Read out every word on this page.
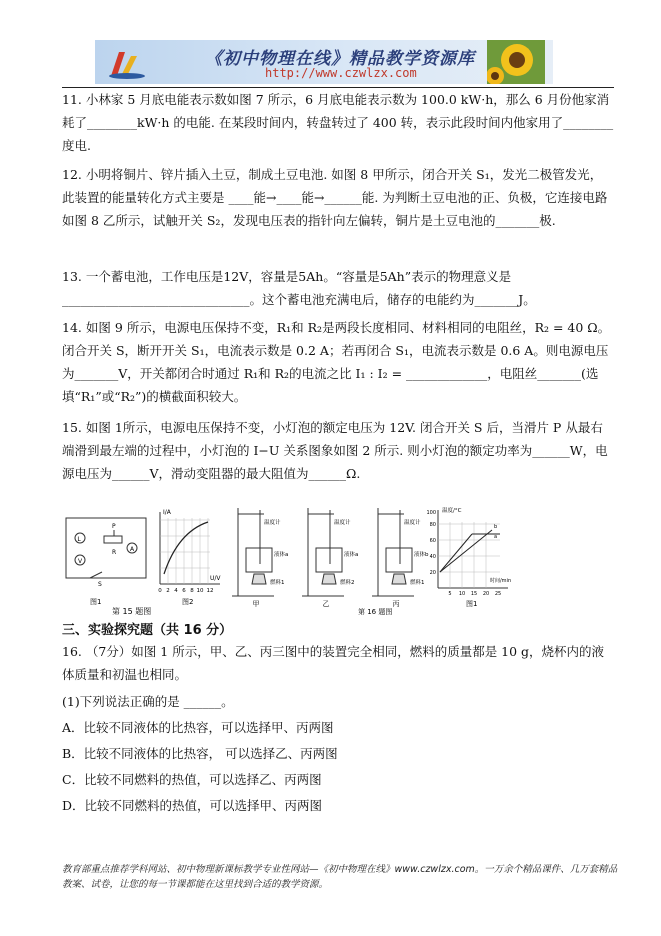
《初中物理在线》精品教学资源库
http://www.czwlzx.com
11. 小林家 5 月底电能表示数如图 7 所示，6 月底电能表示数为 100.0 kW·h，那么 6 月份他家消耗了________kW·h 的电能. 在某段时间内，转盘转过了 400 转，表示此段时间内他家用了________度电.
12. 小明将铜片、锌片插入土豆，制成土豆电池. 如图 8 甲所示，闭合开关 S₁，发光二极管发光，此装置的能量转化方式主要是 ____能→____能→______能. 为判断土豆电池的正、负极，它连接电路如图 8 乙所示，试触开关 S₂，发现电压表的指针向左偏转，铜片是土豆电池的_______极.
13. 一个蓄电池，工作电压是12V，容量是5Ah。“容量是5Ah”表示的物理意义是______________________________。这个蓄电池充满电后，储存的电能约为_______J。
14. 如图 9 所示，电源电压保持不变，R₁和 R₂是两段长度相同、材料相同的电阻丝，R₂ = 40 Ω。闭合开关 S，断开开关 S₁，电流表示数是 0.2 A；若再闭合 S₁，电流表示数是 0.6 A。则电源电压为_______V，开关都闭合时通过 R₁和 R₂的电流之比 I₁ : I₂ = _____________，电阻丝_______(选填“R₁”或“R₂”)的横截面积较大。
15. 如图 1所示，电源电压保持不变，小灯泡的额定电压为 12V. 闭合开关 S 后，当滑片 P 从最右端滑到最左端的过程中，小灯泡的 I−U 关系图象如图 2 所示. 则小灯泡的额定功率为______W，电源电压为______V，滑动变阻器的最大阻值为______Ω.
L
V
A
P
R
S
图1
I/A
U/V
0 2 4 6 8 10 12
图2
第 15 题图
温度计
液体a
燃料1
温度计
液体a
燃料2
温度计
液体b
燃料1
甲	乙	丙
b
a
温度/°C
时间/min
20
40
60
80
100
5 10 15 20 25
图1
第 16 题图
三、实验探究题（共 16 分）
16. （7分）如图 1 所示，甲、乙、丙三图中的装置完全相同，燃料的质量都是 10 g，烧杯内的液体质量和初温也相同。
(1)下列说法正确的是 ______。
A．比较不同液体的比热容，可以选择甲、丙两图
B．比较不同液体的比热容， 可以选择乙、丙两图
C．比较不同燃料的热值，可以选择乙、丙两图
D．比较不同燃料的热值，可以选择甲、丙两图
教育部重点推荐学科网站、初中物理新课标教学专业性网站—《初中物理在线》www.czwlzx.com。一万余个精品课件、几万套精品教案、试卷，让您的每一节课都能在这里找到合适的教学资源。
